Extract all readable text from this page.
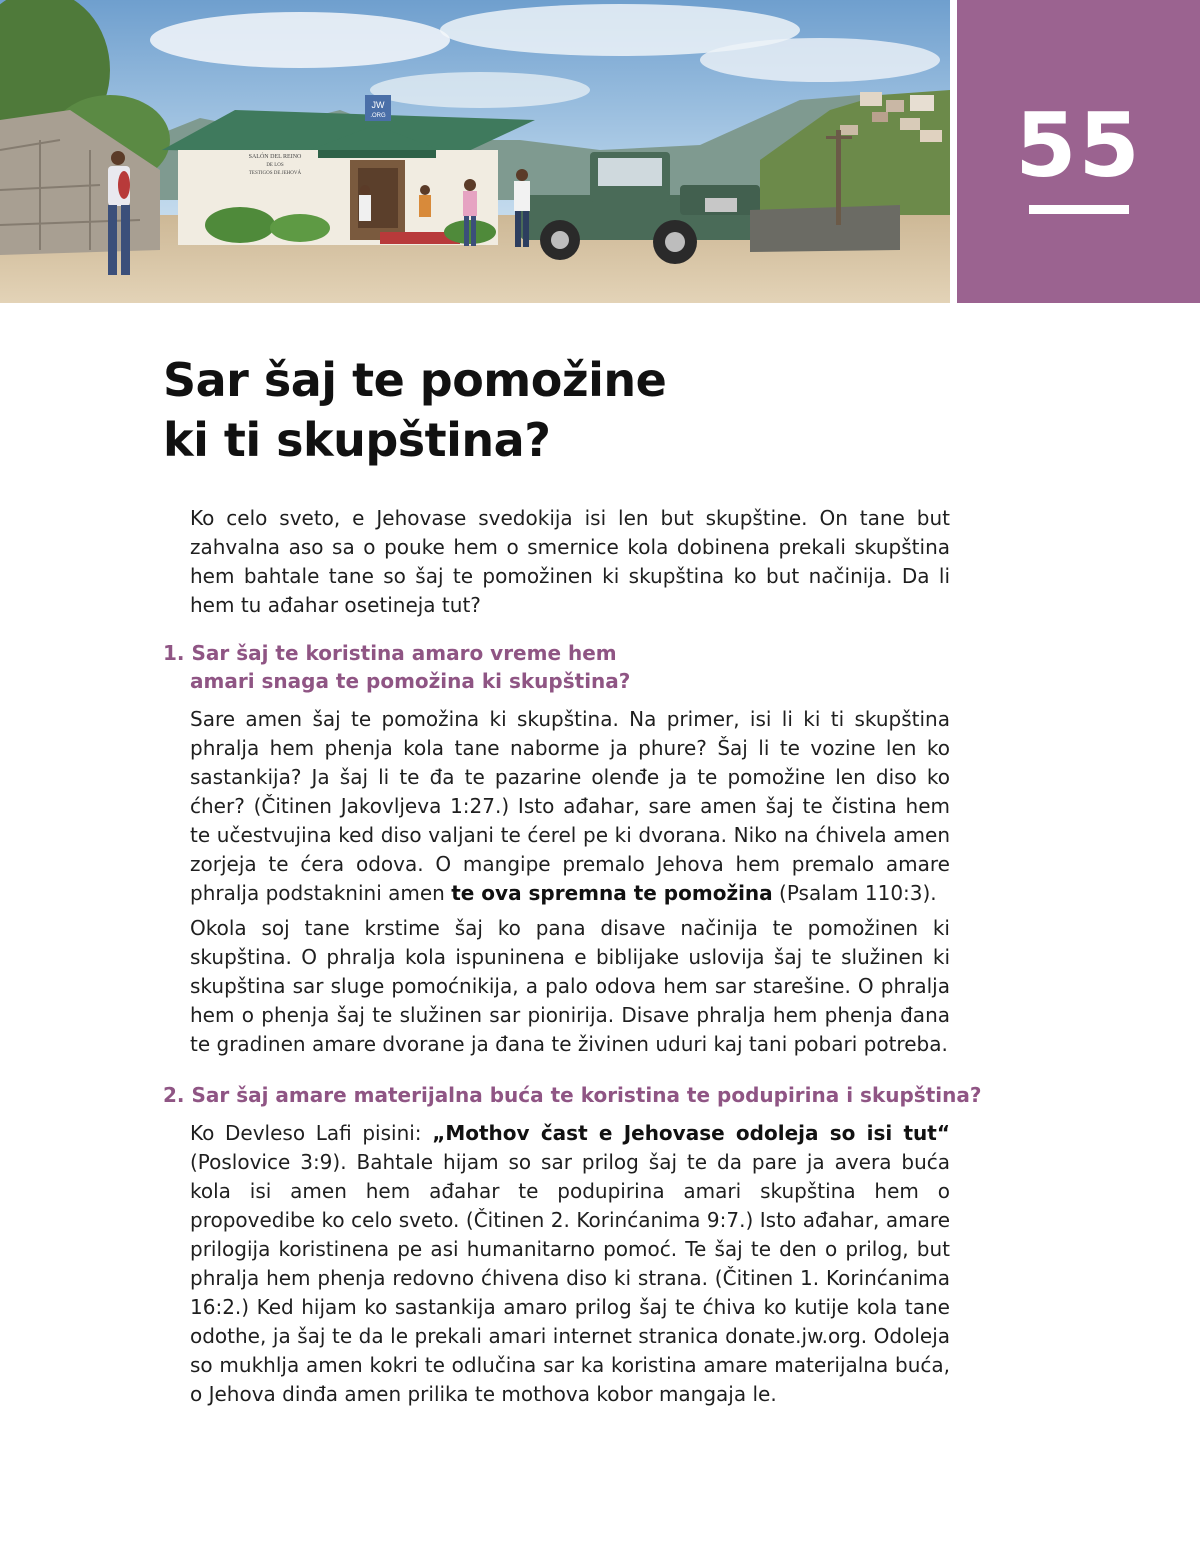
JW
.ORG
SALÓN DEL REINO
DE LOS
TESTIGOS DE JEHOVÁ	55
Sar šaj te pomožine
ki ti skupština?

Ko celo sveto, e Jehovase svedokija isi len but skupštine. On tane but zahvalna aso sa o pouke hem o smernice kola dobinena prekali skupština hem bahtale tane so šaj te pomožinen ki skupština ko but načinija. Da li hem tu ađahar osetineja tut?

1. Sar šaj te koristina amaro vreme hem
amari snaga te pomožina ki skupština?

Sare amen šaj te pomožina ki skupština. Na primer, isi li ki ti skupština phralja hem phenja kola tane naborme ja phure? Šaj li te vozine len ko sastankija? Ja šaj li te đa te pazarine olenđe ja te pomožine len diso ko ćher? (Čitinen Jakovljeva 1:27.) Isto ađahar, sare amen šaj te čistina hem te učestvujina ked diso valjani te ćerel pe ki dvorana. Niko na ćhivela amen zorjeja te ćera odova. O mangipe premalo Jehova hem premalo amare phralja podstaknini amen te ova spremna te pomožina (Psalam 110:3).

Okola soj tane krstime šaj ko pana disave načinija te pomožinen ki skupština. O phralja kola ispuninena e biblijake uslovija šaj te služinen ki skupština sar sluge pomoćnikija, a palo odova hem sar starešine. O phralja hem o phenja šaj te služinen sar pionirija. Disave phralja hem phenja đana te gradinen amare dvorane ja đana te živinen uduri kaj tani pobari potreba.

2. Sar šaj amare materijalna buća te koristina te podupirina i skupština?

Ko Devleso Lafi pisini: „Mothov čast e Jehovase odoleja so isi tut“ (Poslovice 3:9). Bahtale hijam so sar prilog šaj te da pare ja avera buća kola isi amen hem ađahar te podupirina amari skupština hem o propovedibe ko celo sveto. (Čitinen 2. Korinćanima 9:7.) Isto ađahar, amare prilogija koristinena pe asi humanitarno pomoć. Te šaj te den o prilog, but phralja hem phenja redovno ćhivena diso ki strana. (Čitinen 1. Korinćanima 16:2.) Ked hijam ko sastankija amaro prilog šaj te ćhiva ko kutije kola tane odothe, ja šaj te da le prekali amari internet stranica donate.jw.org. Odoleja so mukhlja amen kokri te odlučina sar ka koristina amare materijalna buća, o Jehova dinđa amen prilika te mothova kobor mangaja le.
